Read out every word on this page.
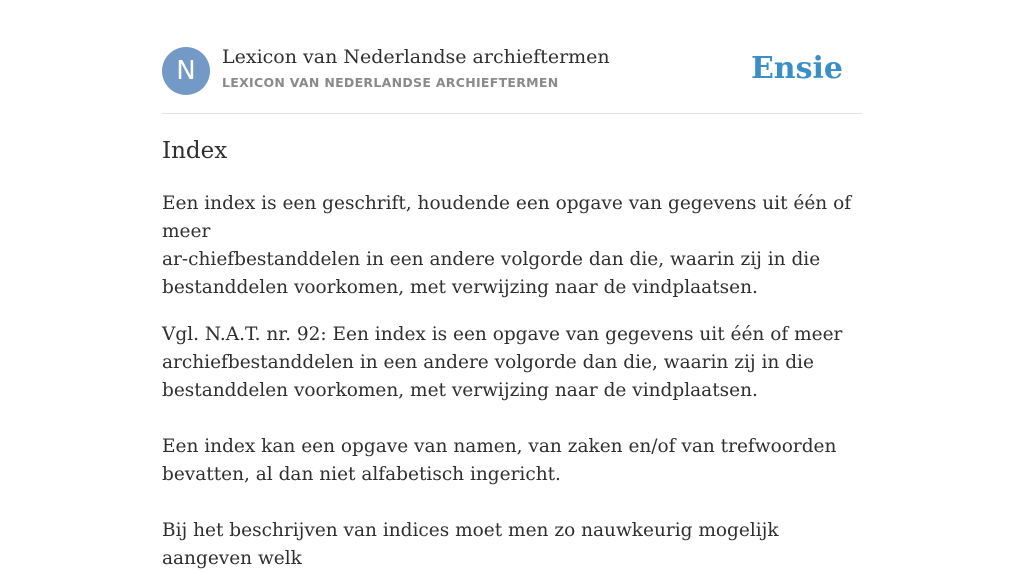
N	Lexicon van Nederlandse archieftermen
LEXICON VAN NEDERLANDSE ARCHIEFTERMEN	Ensie
Index

Een index is een geschrift, houdende een opgave van gegevens uit één of meer
ar-chiefbestanddelen in een andere volgorde dan die, waarin zij in die
bestanddelen voorkomen, met verwijzing naar de vindplaatsen.

Vgl. N.A.T. nr. 92: Een index is een opgave van gegevens uit één of meer
archiefbestanddelen in een andere volgorde dan die, waarin zij in die
bestanddelen voorkomen, met verwijzing naar de vindplaatsen.

Een index kan een opgave van namen, van zaken en/of van trefwoorden
bevatten, al dan niet alfabetisch ingericht.

Bij het beschrijven van indices moet men zo nauwkeurig mogelijk aangeven welk
